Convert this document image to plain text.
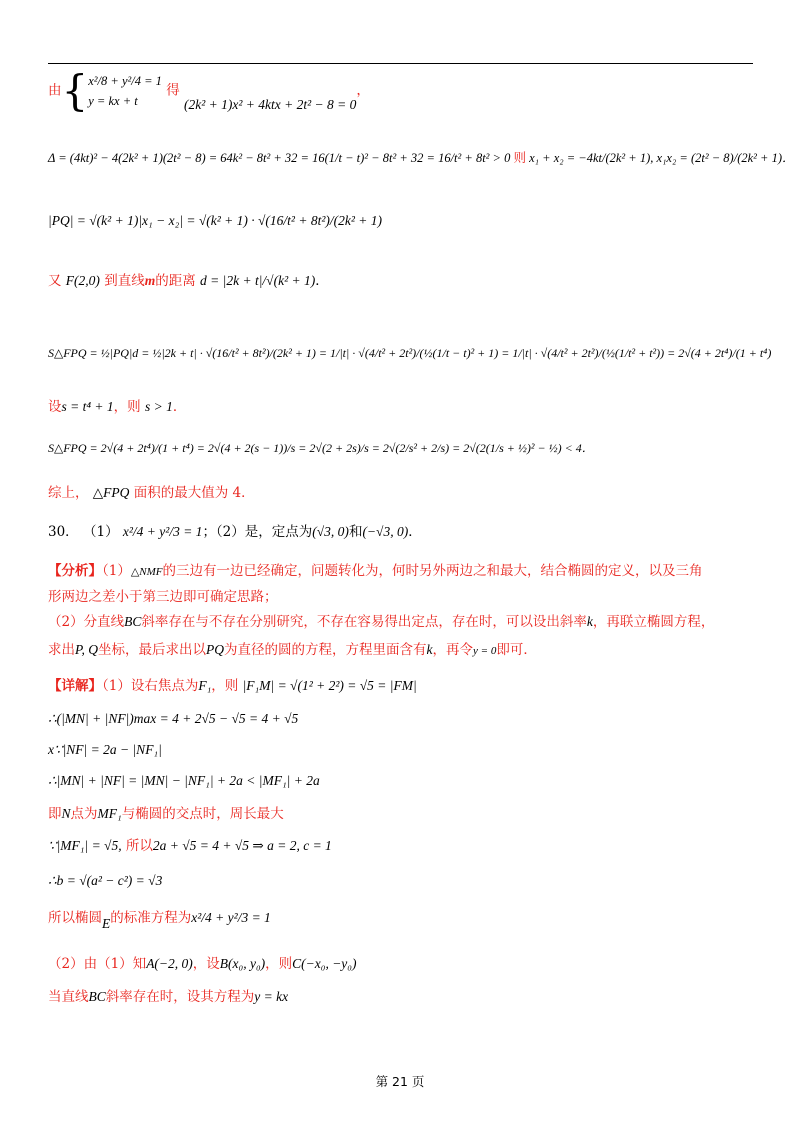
由{ x²/8 + y²/4 = 1
y = kx + t
得 (2k² + 1)x² + 4ktx + 2t² − 8 = 0，
Δ = (4kt)² − 4(2k² + 1)(2t² − 8) = 64k² − 8t² + 32 = 16(1/t − t)² − 8t² + 32 = 16/t² + 8t² > 0 则 x₁ + x₂ = −4kt/(2k² + 1), x₁x₂ = (2t² − 8)/(2k² + 1)．
|PQ| = √(k² + 1)|x₁ − x₂| = √(k² + 1) · √(16/t² + 8t²)/(2k² + 1)
又 F(2,0) 到直线m的距离 d = |2k + t|/√(k² + 1)．
S△FPQ = ½|PQ|d = ½|2k + t| · √(16/t² + 8t²)/(2k² + 1) = 1/|t| · √(4/t² + 2t²)/(½(1/t − t)² + 1) = 1/|t| · √(4/t² + 2t²)/(½(1/t² + t²)) = 2√(4 + 2t⁴)/(1 + t⁴)
设s = t⁴ + 1，则 s > 1．
S△FPQ = 2√(4 + 2t⁴)/(1 + t⁴) = 2√(4 + 2(s − 1))/s = 2√(2 + 2s)/s = 2√(2/s² + 2/s) = 2√(2(1/s + ½)² − ½) < 4．
综上， △FPQ 面积的最大值为 4．
30． （1） x²/4 + y²/3 = 1；（2）是，定点为(√3, 0)和(−√3, 0)．
【分析】（1）△NMF的三边有一边已经确定，问题转化为，何时另外两边之和最大，结合椭圆的定义，以及三角
形两边之差小于第三边即可确定思路；
（2）分直线BC斜率存在与不存在分别研究，不存在容易得出定点，存在时，可以设出斜率k，再联立椭圆方程，
求出P, Q坐标，最后求出以PQ为直径的圆的方程，方程里面含有k，再令y = 0即可．
【详解】（1）设右焦点为F₁，则 |F₁M| = √(1² + 2²) = √5 = |FM|
∴(|MN| + |NF|)max = 4 + 2√5 − √5 = 4 + √5
x∵|NF| = 2a − |NF₁|
∴|MN| + |NF| = |MN| − |NF₁| + 2a < |MF₁| + 2a
即N点为MF₁与椭圆的交点时，周长最大
∵|MF₁| = √5, 所以2a + √5 = 4 + √5 ⇒ a = 2, c = 1
∴b = √(a² − c²) = √3
所以椭圆E的标准方程为x²/4 + y²/3 = 1
（2）由（1）知A(−2, 0)，设B(x₀, y₀)，则C(−x₀, −y₀)
当直线BC斜率存在时，设其方程为y = kx
第 21 页
